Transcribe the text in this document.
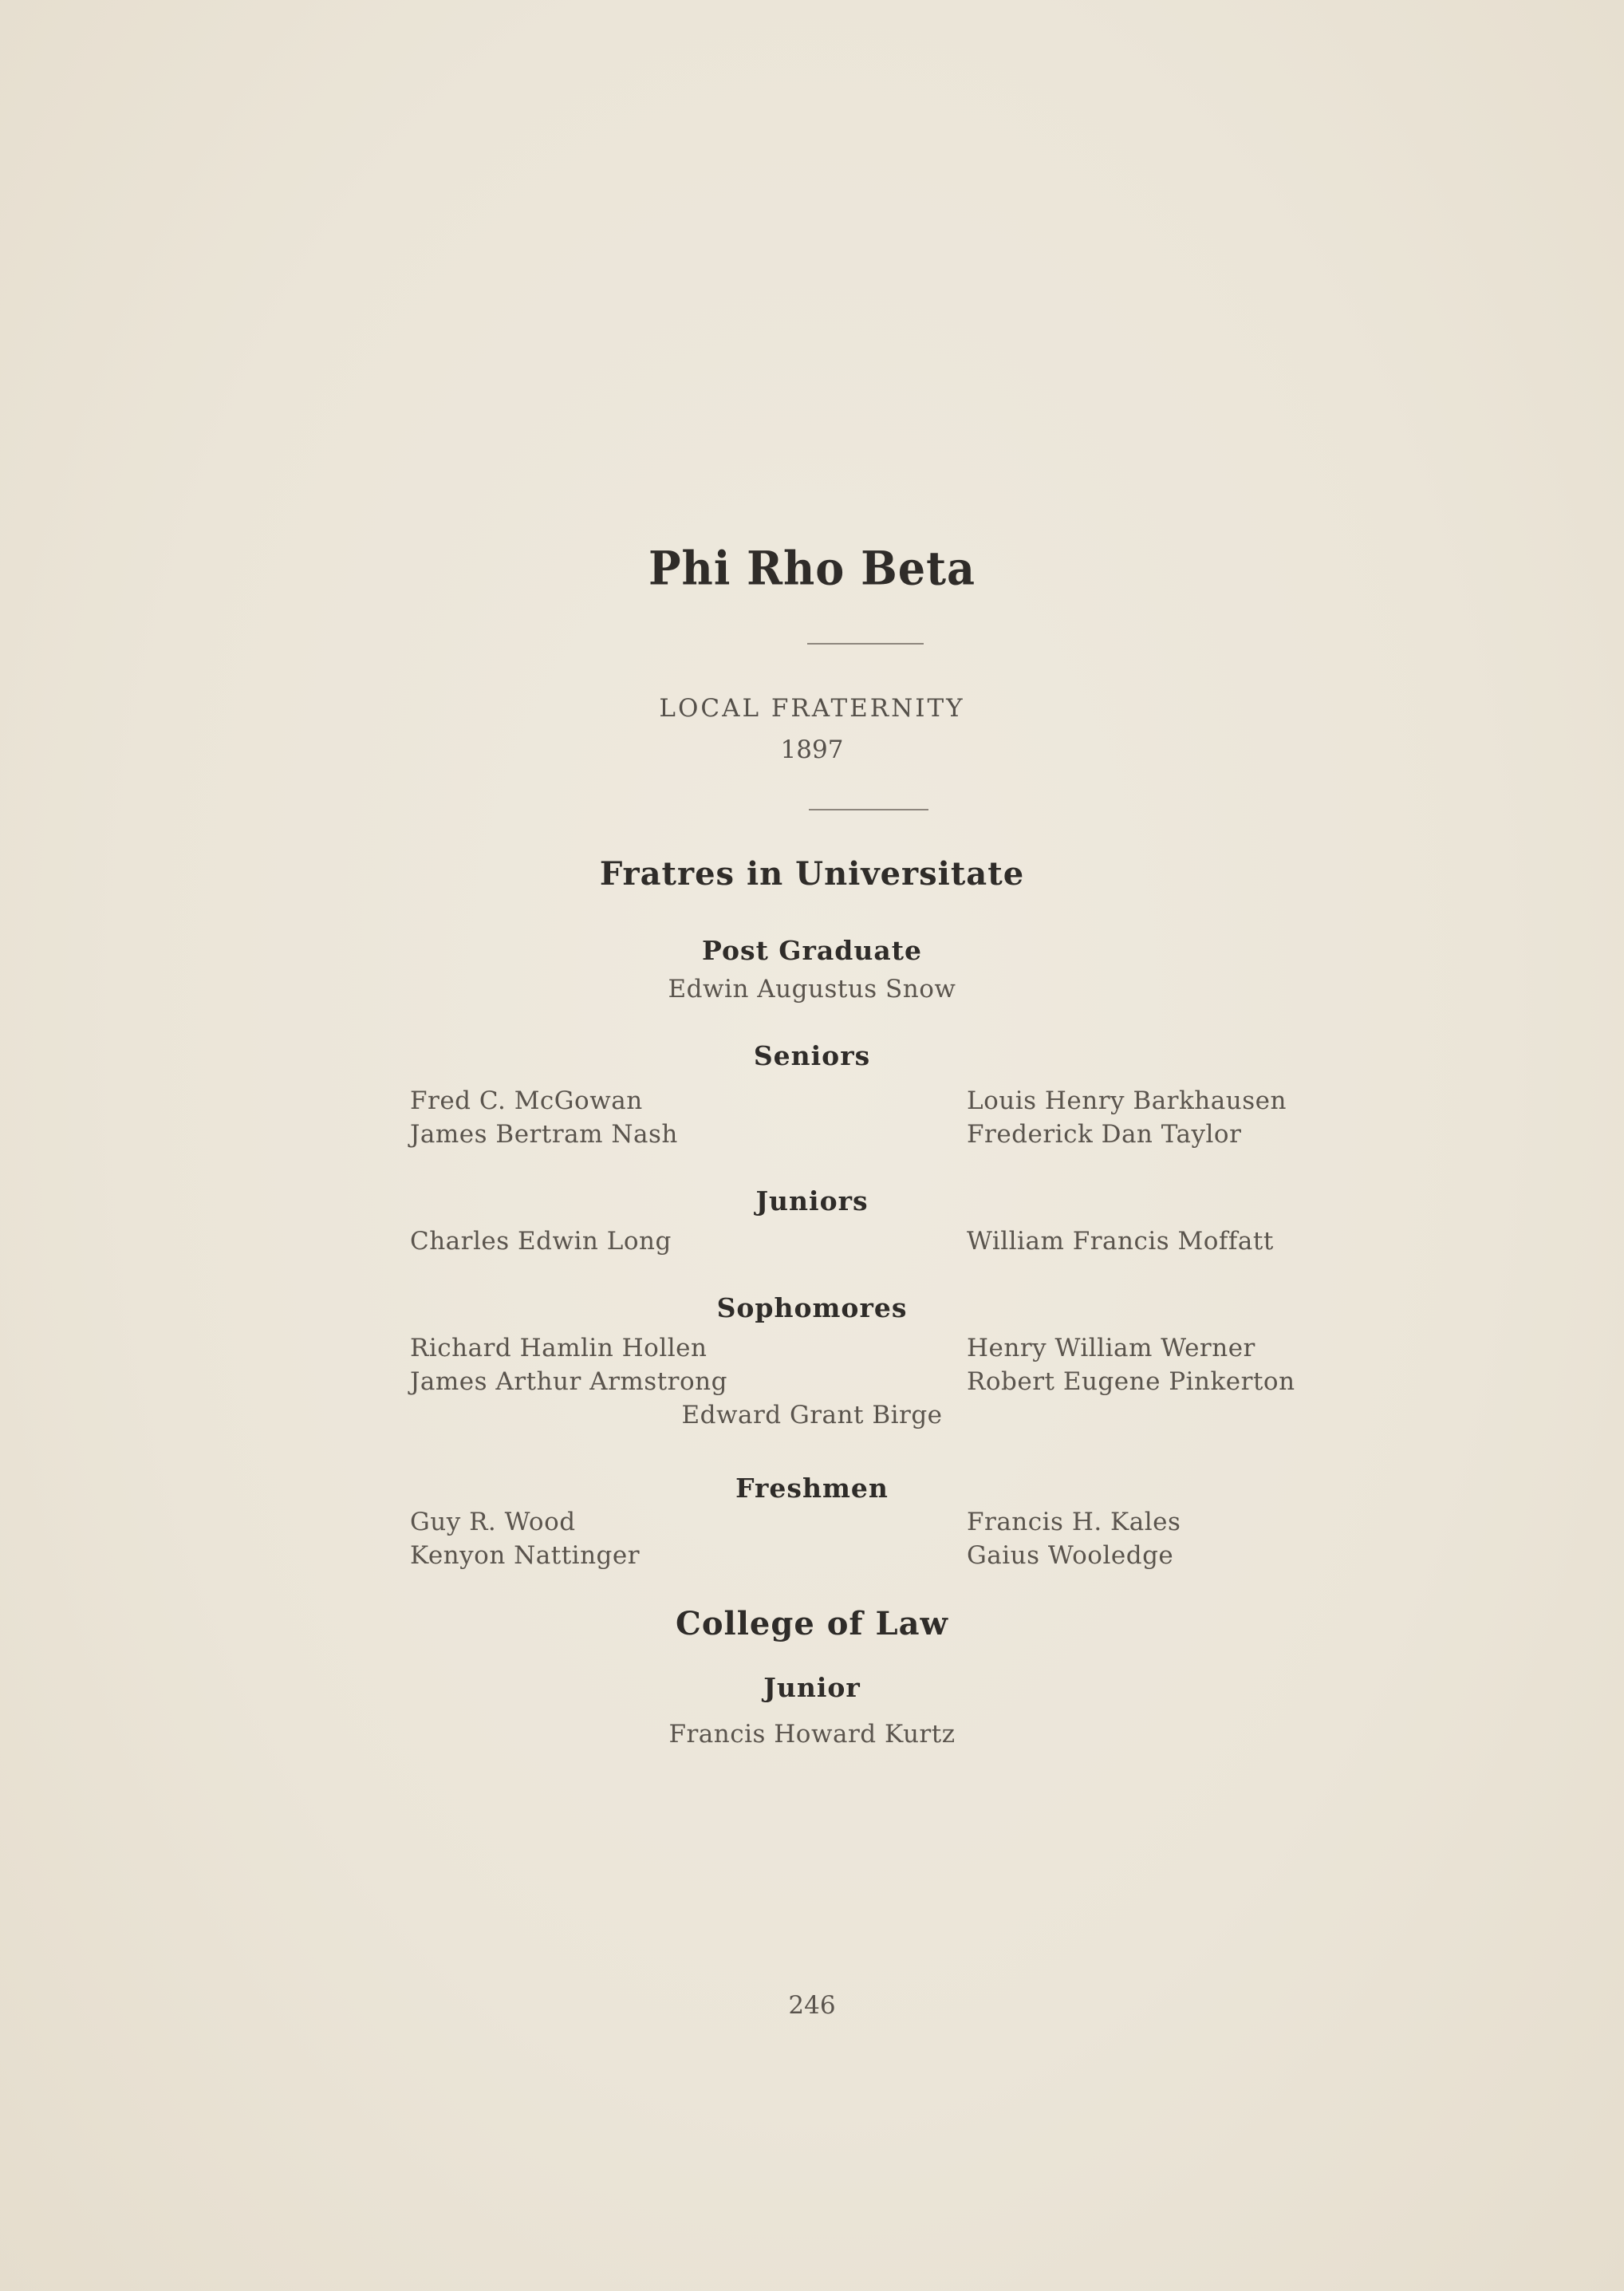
Phi Rho Beta
LOCAL FRATERNITY
1897
Fratres in Universitate
Post Graduate
Edwin Augustus Snow
Seniors
Fred C. McGowan
James Bertram Nash
Louis Henry Barkhausen
Frederick Dan Taylor
Juniors
Charles Edwin Long	William Francis Moffatt
Sophomores
Richard Hamlin Hollen
James Arthur Armstrong
Henry William Werner
Robert Eugene Pinkerton
Edward Grant Birge
Freshmen
Guy R. Wood
Kenyon Nattinger
Francis H. Kales
Gaius Wooledge
College of Law
Junior
Francis Howard Kurtz
246
